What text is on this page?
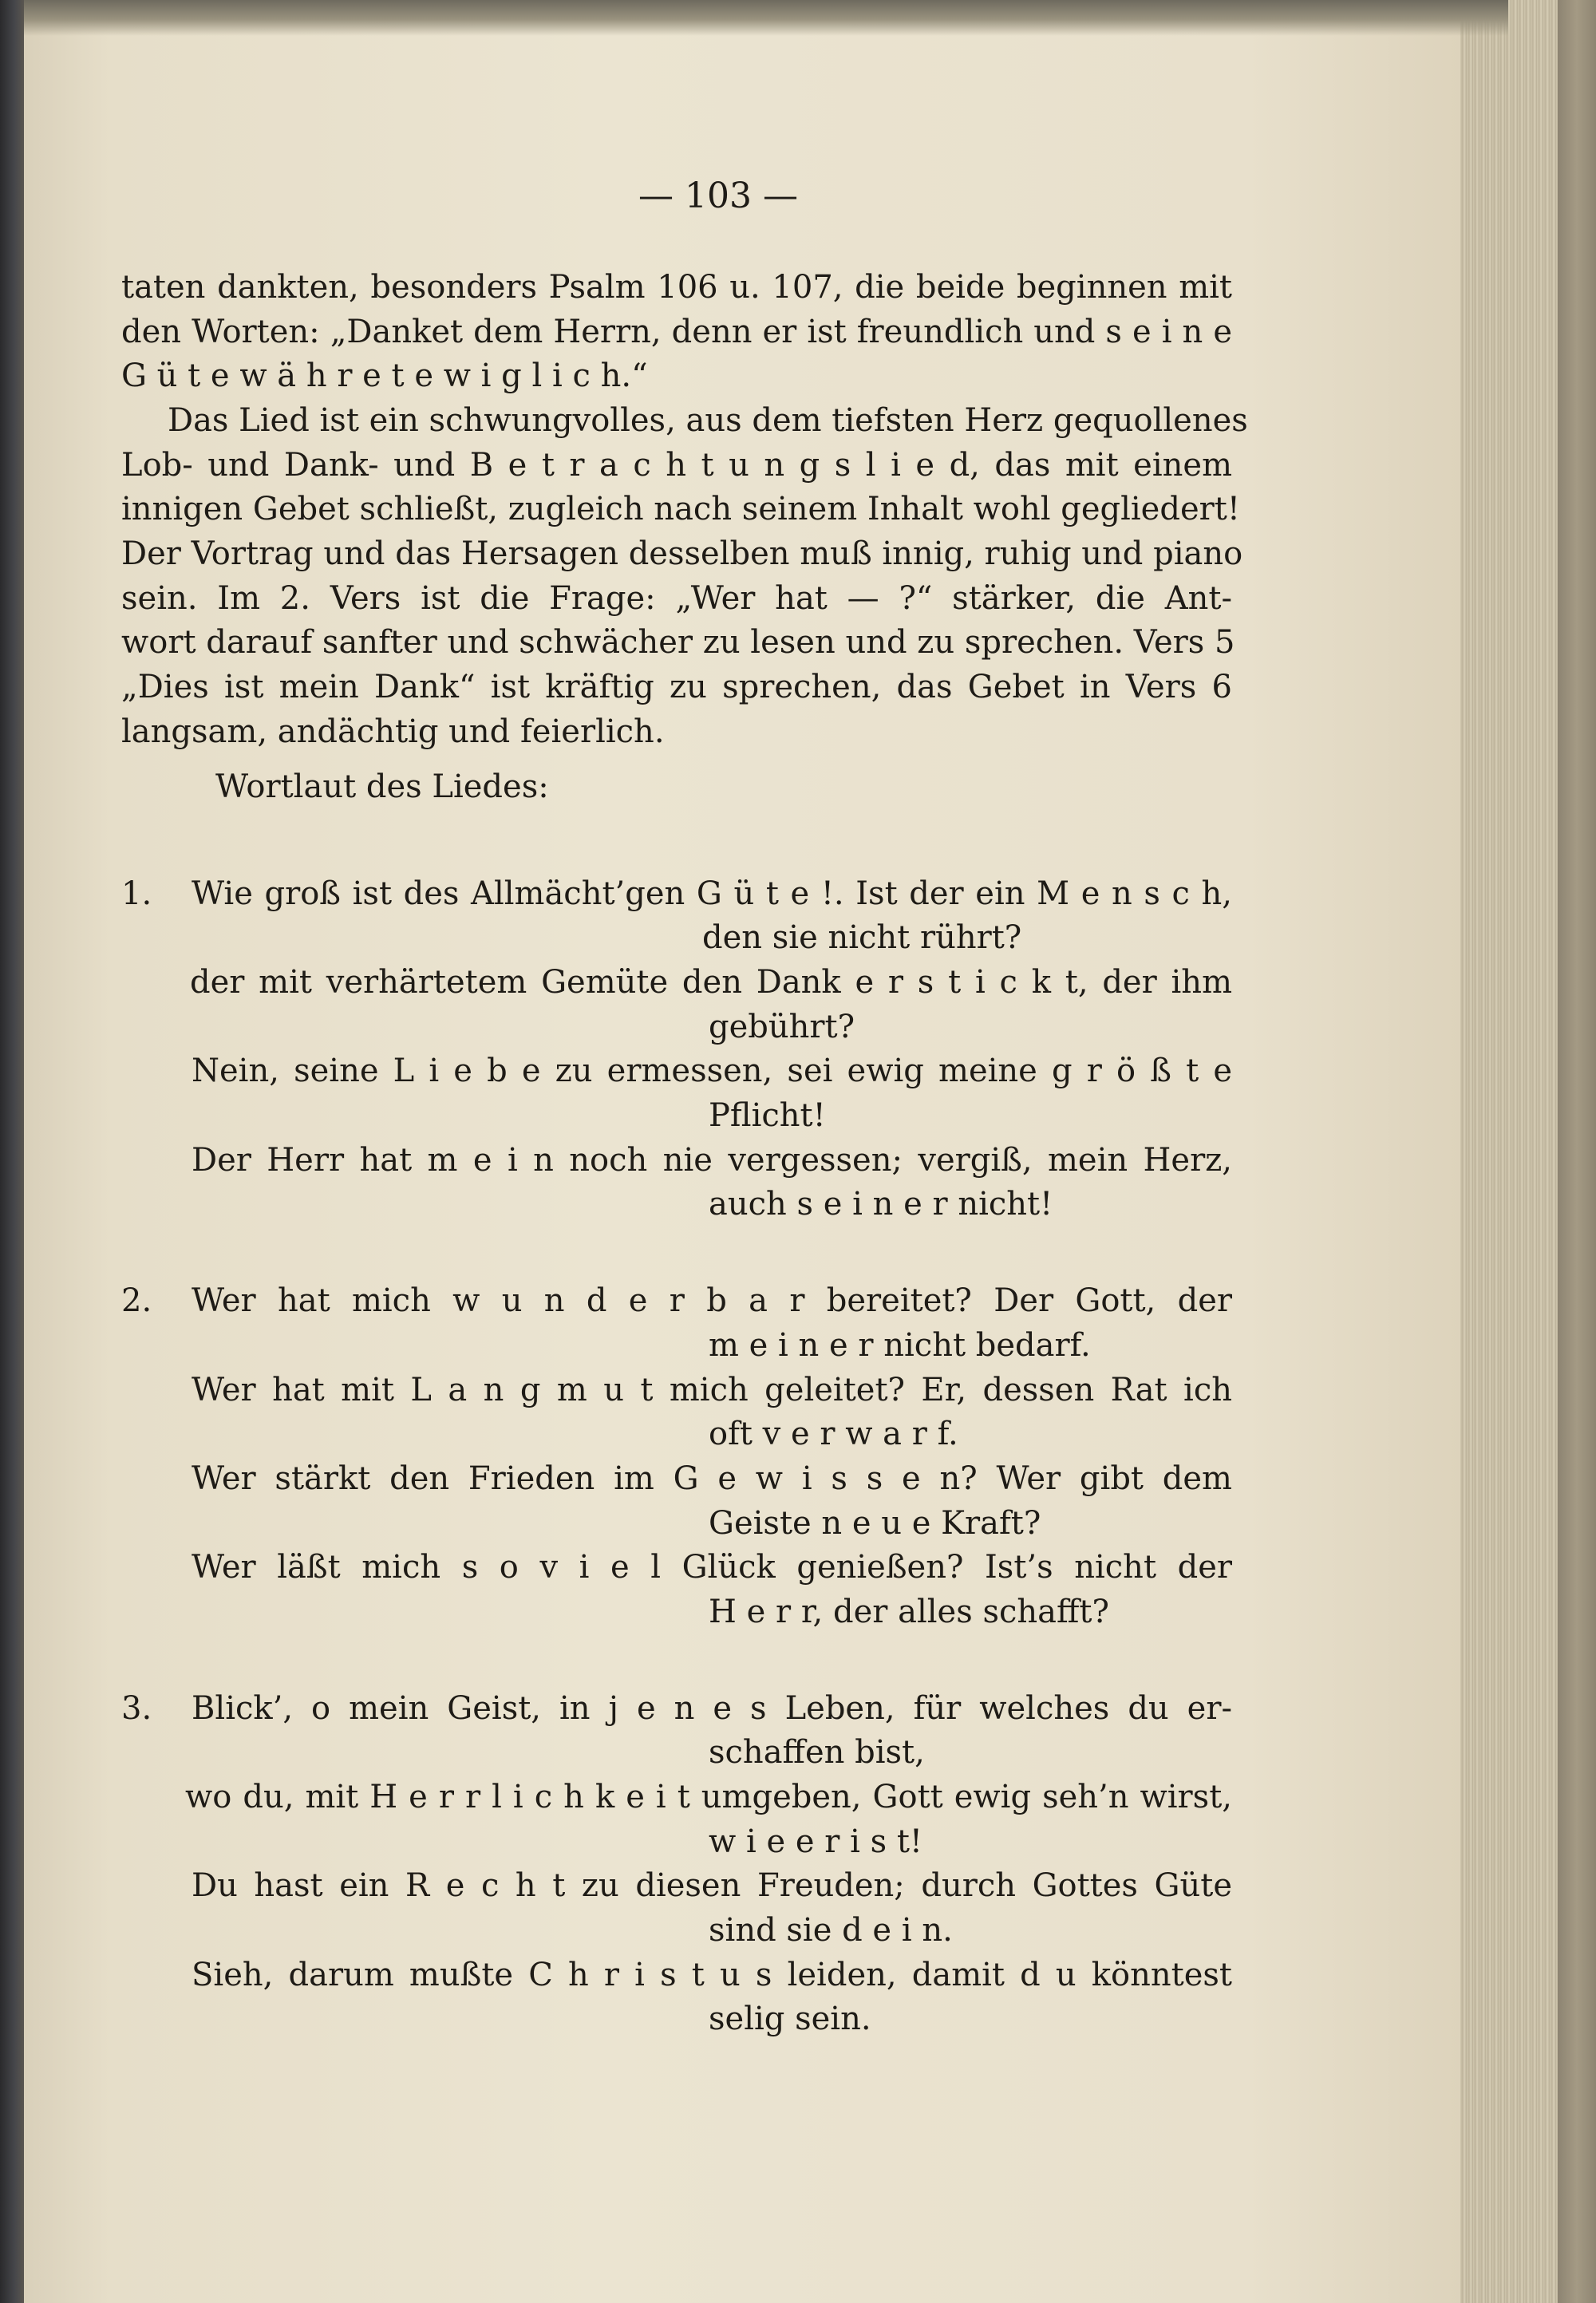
— 103 —
taten dankten, besonders Psalm 106 u. 107, die beide beginnen mit
den Worten: „Danket dem Herrn, denn er ist freundlich und s e i n e
G ü t e w ä h r e t e w i g l i c h.“
Das Lied ist ein schwungvolles, aus dem tiefsten Herz gequollenes
Lob- und Dank- und B e t r a c h t u n g s l i e d, das mit einem
innigen Gebet schließt, zugleich nach seinem Inhalt wohl gegliedert!
Der Vortrag und das Hersagen desselben muß innig, ruhig und piano
sein. Im 2. Vers ist die Frage: „Wer hat — ?“ stärker, die Ant-
wort darauf sanfter und schwächer zu lesen und zu sprechen. Vers 5
„Dies ist mein Dank“ ist kräftig zu sprechen, das Gebet in Vers 6
langsam, andächtig und feierlich.
Wortlaut des Liedes:
1. Wie groß ist des Allmächt’gen G ü t e !. Ist der ein M e n s c h,
den sie nicht rührt?
der mit verhärtetem Gemüte den Dank e r s t i c k t, der ihm
gebührt?
Nein, seine L i e b e zu ermessen, sei ewig meine g r ö ß t e
Pflicht!
Der Herr hat m e i n noch nie vergessen; vergiß, mein Herz,
auch s e i n e r nicht!
2. Wer hat mich w u n d e r b a r bereitet? Der Gott, der
m e i n e r nicht bedarf.
Wer hat mit L a n g m u t mich geleitet? Er, dessen Rat ich
oft v e r w a r f.
Wer stärkt den Frieden im G e w i s s e n? Wer gibt dem
Geiste n e u e Kraft?
Wer läßt mich s o v i e l Glück genießen? Ist’s nicht der
H e r r, der alles schafft?
3. Blick’, o mein Geist, in j e n e s Leben, für welches du er-
schaffen bist,
wo du, mit H e r r l i c h k e i t umgeben, Gott ewig seh’n wirst,
w i e e r i s t!
Du hast ein R e c h t zu diesen Freuden; durch Gottes Güte
sind sie d e i n.
Sieh, darum mußte C h r i s t u s leiden, damit d u könntest
selig sein.
